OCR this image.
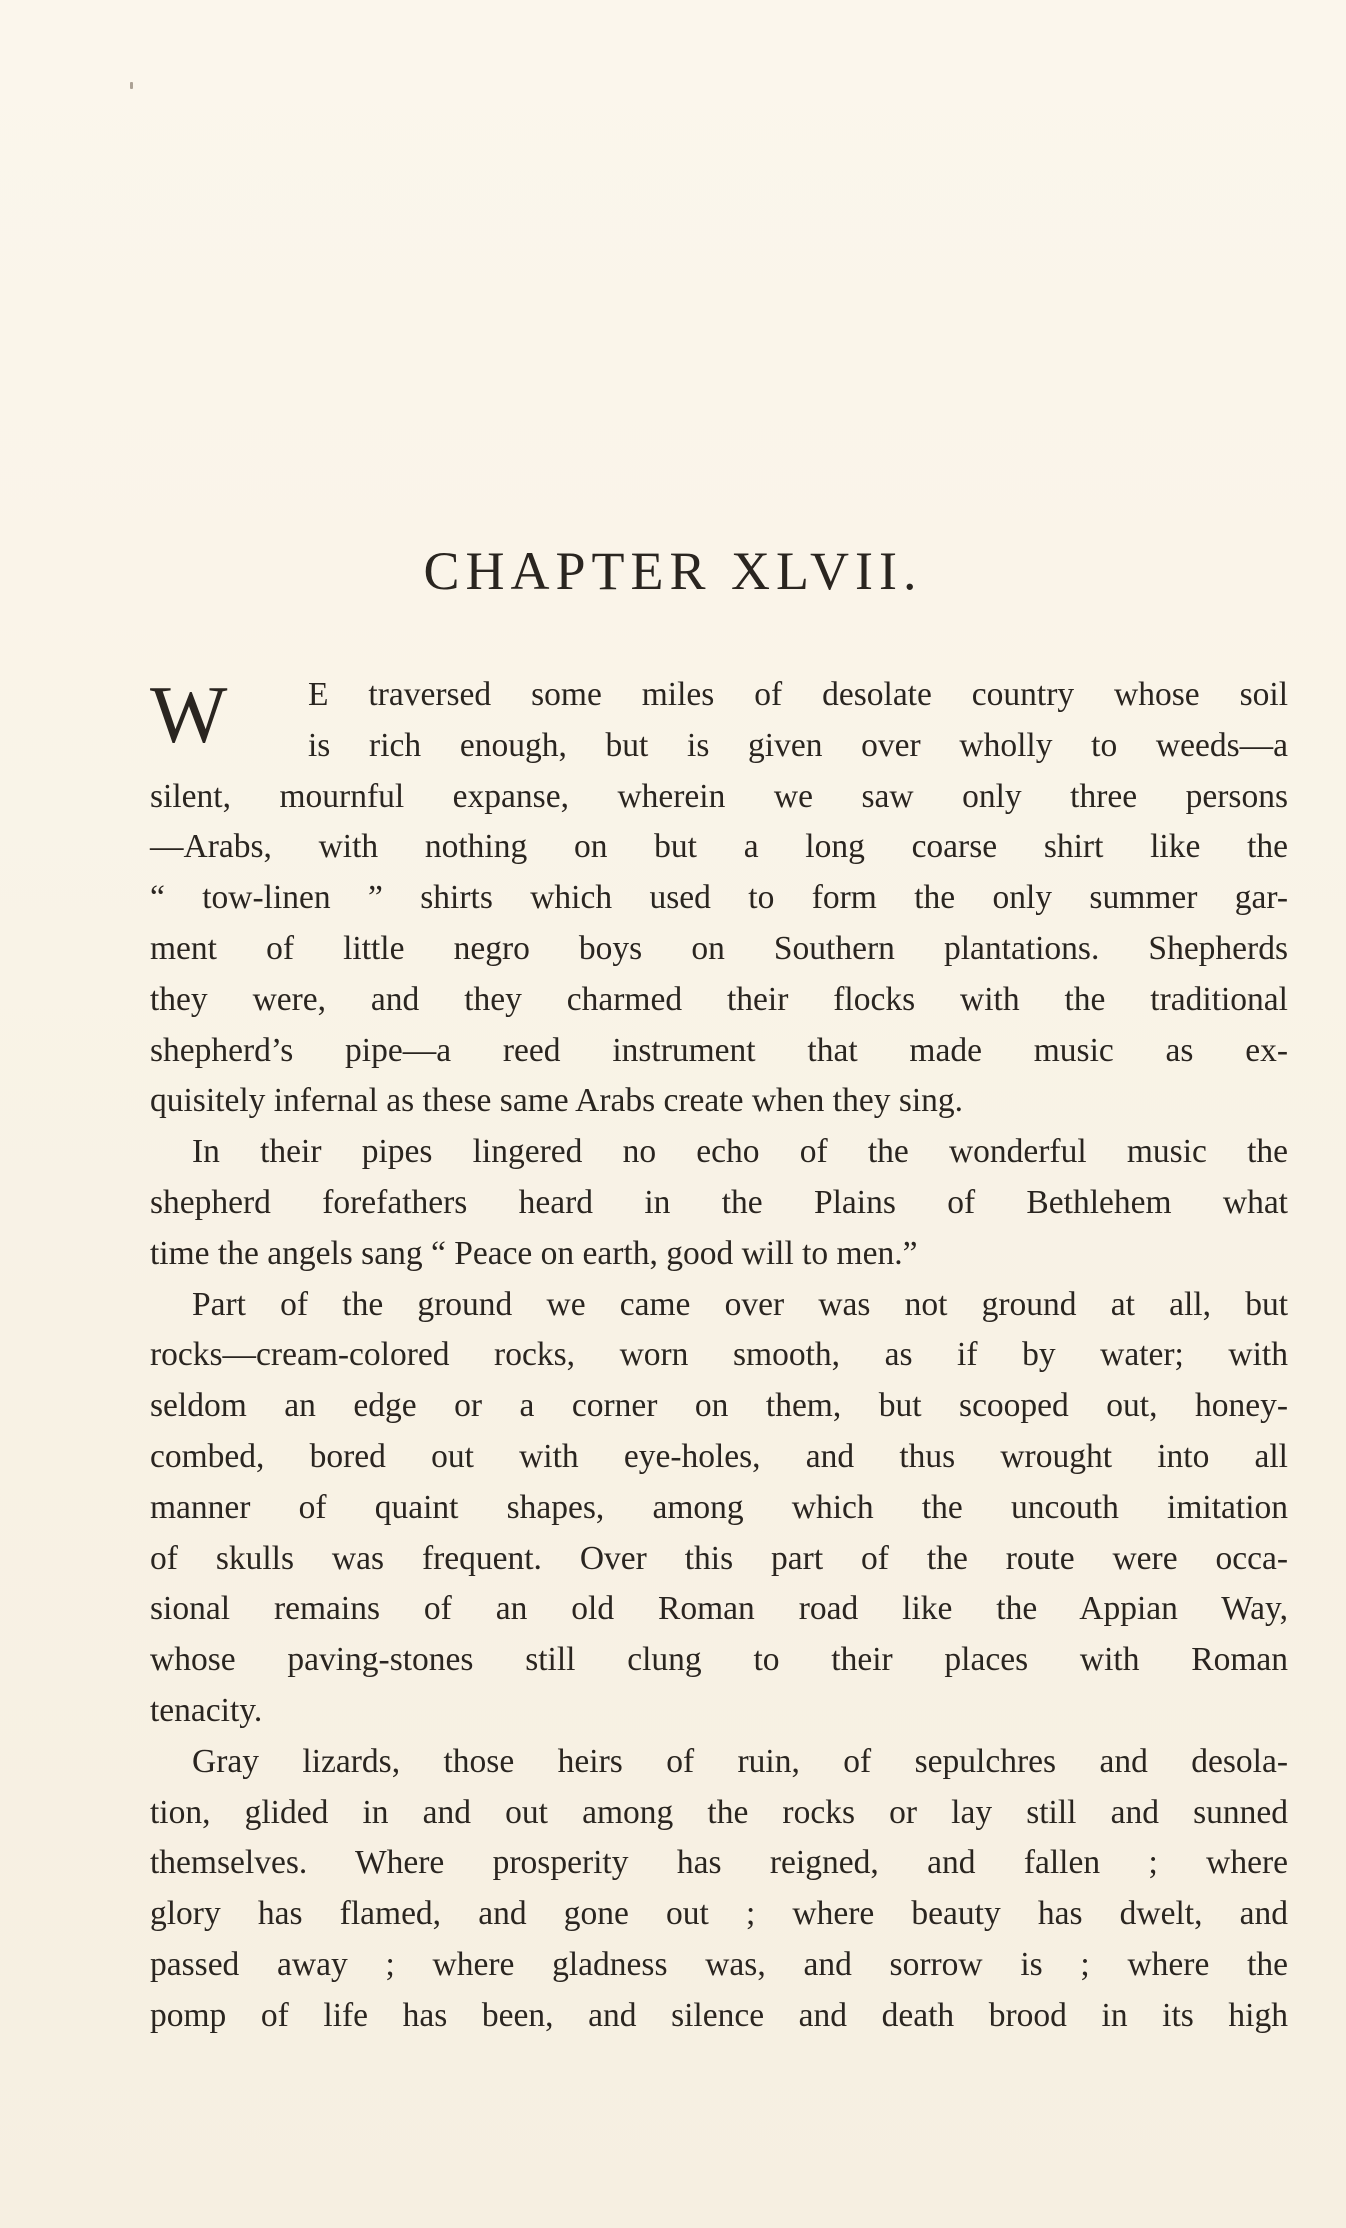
CHAPTER XLVII.
W	E traversed some miles of desolate country whose soil
is rich enough, but is given over wholly to weeds—a
silent, mournful expanse, wherein we saw only three persons
—Arabs, with nothing on but a long coarse shirt like the
“ tow-linen ” shirts which used to form the only summer gar-
ment of little negro boys on Southern plantations. Shepherds
they were, and they charmed their flocks with the traditional
shepherd’s pipe—a reed instrument that made music as ex-
quisitely infernal as these same Arabs create when they sing.
In their pipes lingered no echo of the wonderful music the
shepherd forefathers heard in the Plains of Bethlehem what
time the angels sang “ Peace on earth, good will to men.”
Part of the ground we came over was not ground at all, but
rocks—cream-colored rocks, worn smooth, as if by water; with
seldom an edge or a corner on them, but scooped out, honey-
combed, bored out with eye-holes, and thus wrought into all
manner of quaint shapes, among which the uncouth imitation
of skulls was frequent. Over this part of the route were occa-
sional remains of an old Roman road like the Appian Way,
whose paving-stones still clung to their places with Roman
tenacity.
Gray lizards, those heirs of ruin, of sepulchres and desola-
tion, glided in and out among the rocks or lay still and sunned
themselves. Where prosperity has reigned, and fallen ; where
glory has flamed, and gone out ; where beauty has dwelt, and
passed away ; where gladness was, and sorrow is ; where the
pomp of life has been, and silence and death brood in its high
